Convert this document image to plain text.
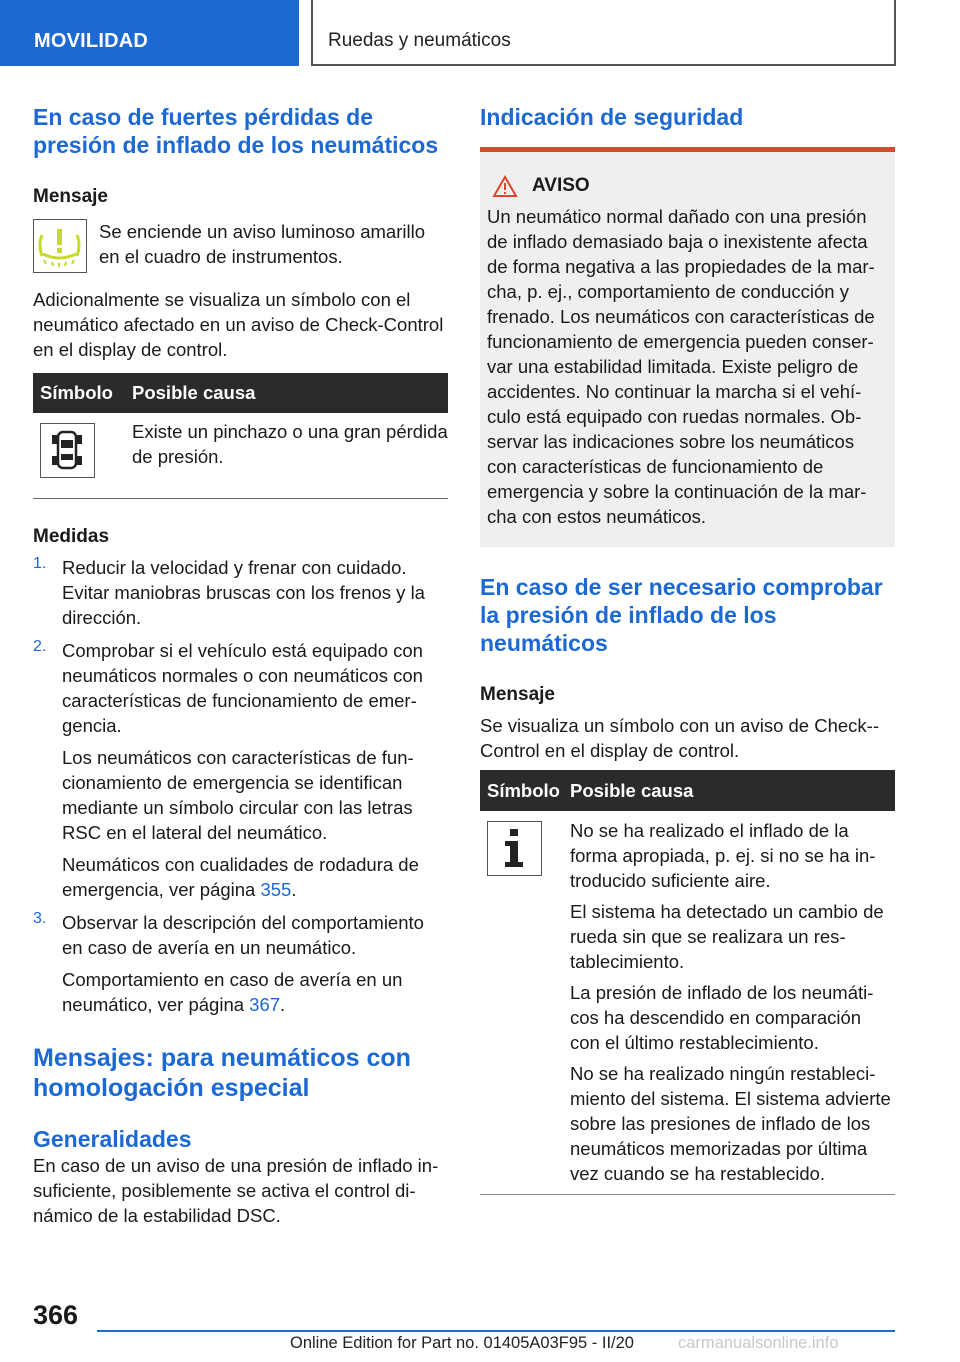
MOVILIDAD	Ruedas y neumáticos
En caso de fuertes pérdidas de presión de inflado de los neumáticos
Mensaje

Se enciende un aviso luminoso amarillo en el cuadro de instrumentos.

Adicionalmente se visualiza un símbolo con el neumático afectado en un aviso de Check-Control en el display de control.

Símbolo	Posible causa
	Existe un pinchazo o una gran pérdida de presión.
Medidas
1. Reducir la velocidad y frenar con cuidado. Evitar maniobras bruscas con los frenos y la dirección.

2. Comprobar si el vehículo está equipado con neumáticos normales o con neumáticos con características de funcionamiento de emergencia.

Los neumáticos con características de funcionamiento de emergencia se identifican mediante un símbolo circular con las letras RSC en el lateral del neumático.

Neumáticos con cualidades de rodadura de emergencia, ver página 355.

3. Observar la descripción del comportamiento en caso de avería en un neumático.

Comportamiento en caso de avería en un neumático, ver página 367.

Mensajes: para neumáticos con homologación especial
Generalidades

En caso de un aviso de una presión de inflado insuficiente, posiblemente se activa el control dinámico de la estabilidad DSC.

Indicación de seguridad
AVISO

Un neumático normal dañado con una presión de inflado demasiado baja o inexistente afecta de forma negativa a las propiedades de la marcha, p. ej., comportamiento de conducción y frenado. Los neumáticos con características de funcionamiento de emergencia pueden conservar una estabilidad limitada. Existe peligro de accidentes. No continuar la marcha si el vehículo está equipado con ruedas normales. Observar las indicaciones sobre los neumáticos con características de funcionamiento de emergencia y sobre la continuación de la marcha con estos neumáticos.

En caso de ser necesario comprobar la presión de inflado de los neumáticos
Mensaje

Se visualiza un símbolo con un aviso de Check-Control en el display de control.

Símbolo	Posible causa

No se ha realizado el inflado de la forma apropiada, p. ej. si no se ha introducido suficiente aire.

El sistema ha detectado un cambio de rueda sin que se realizara un restablecimiento.

La presión de inflado de los neumáticos ha descendido en comparación con el último restablecimiento.

No se ha realizado ningún restablecimiento del sistema. El sistema advierte sobre las presiones de inflado de los neumáticos memorizadas por última vez cuando se ha restablecido.

366
Online Edition for Part no. 01405A03F95 - II/20	carmanualsonline.info
